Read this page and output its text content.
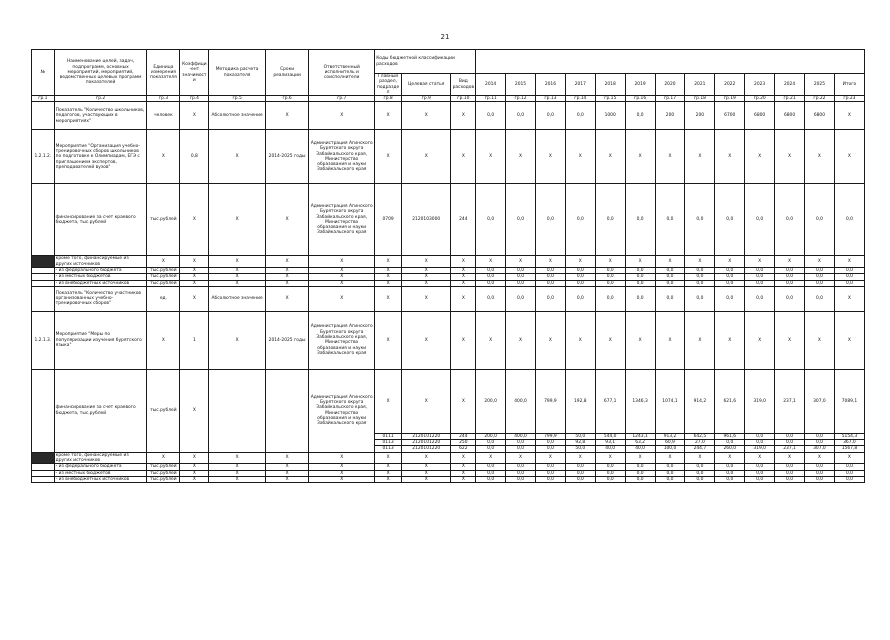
21
№	Наименование целей, задач, подпрограмм, основных мероприятий, мероприятий, ведомственных целевых программ показателей	Единица измерения показателя	Коэффици-ент значимости	Методика расчета показателя	Сроки реализации	Ответственный исполнитель и соисполнители	Коды бюджетной классификации расходов															
							Главный раздел, подраздел	Целевая статья	Вид расходов	2014	2015	2016	2017	2018	2019	2020	2021	2022	2023	2024	2025	Итого
гр.1	гр.2	гр.3	гр.4	гр.5	гр.6	гр.7	гр.8	гр.9	гр.10	гр.11	гр.12	гр.13	гр.14	гр.15	гр.16	гр.17	гр.18	гр.19	гр.20	гр.21	гр.22	гр.23
	Показатель "Количество школьников, педагогов, участвующих в мероприятиях"	человек	X	Абсолютное значение	X	X	X	X	X	0,0	0,0	0,0	0,0	1000	0,0	200	200	6700	6800	6800	6800	X
1.2.1.2.	Мероприятие "Организация учебно-тренировочных сборов школьников по подготовке к Олимпиадам, ЕГЭ с приглашением экспертов, преподавателей вузов"	X	0,8	X	2014-2025 годы	Администрация Агинского Бурятского округа Забайкальского края, Министерство образования и науки Забайкальского края	X	X	X	X	X	X	X	X	X	X	X	X	X	X	X	X
	финансирование за счет краевого бюджета, тыс.рублей	тыс.рублей	X	X	X	Администрация Агинского Бурятского округа Забайкальского края, Министерство образования и науки Забайкальского края	0709	2120103000	244	0,0	0,0	0,0	0,0	0,0	0,0	0,0	0,0	0,0	0,0	0,0	0,0	0,0
	кроме того, финансируемые из других источников	X	X	X	X	X	X	X	X	X	X	X	X	X	X	X	X	X	X	X	X	X
	- из федерального бюджета	тыс.рублей	X	X	X	X	X	X	X	0,0	0,0	0,0	0,0	0,0	0,0	0,0	0,0	0,0	0,0	0,0	0,0	0,0
	- из местных бюджетов	тыс.рублей	X	X	X	X	X	X	X	0,0	0,0	0,0	0,0	0,0	0,0	0,0	0,0	0,0	0,0	0,0	0,0	0,0
	- из внебюджетных источников	тыс.рублей	X	X	X	X	X	X	X	0,0	0,0	0,0	0,0	0,0	0,0	0,0	0,0	0,0	0,0	0,0	0,0	0,0
	Показатель "Количество участников организованных учебно-тренировочных сборов"	ед.	X	Абсолютное значение	X	X	X	X	X	0,0	0,0	0,0	0,0	0,0	0,0	0,0	0,0	0,0	0,0	0,0	0,0	X
1.2.1.3.	Мероприятие "Меры по популяризации изучения бурятского языка"	X	1	X	2014-2025 годы	Администрация Агинского Бурятского округа Забайкальского края, Министерство образования и науки Забайкальского края	X	X	X	X	X	X	X	X	X	X	X	X	X	X	X	X
	финансирование за счет краевого бюджета, тыс.рублей	тыс.рублей	X			Администрация Агинского Бурятского округа Забайкальского края, Министерство образования и науки Забайкальского края	X	X	X	200,0	400,0	799,9	192,8	677,1	1346,3	1074,1	914,2	621,6	319,0	237,1	307,0	7089,1
							0111	2120101220	244	200,0	400,0	799,9	50,0	544,0	1243,1	913,2	642,5	961,6	0,0	0,0	0,0	5154,3
							0113	2120101220	250	0,0	0,0	0,0	92,8	93,1	63,2	60,9	27,0	0,0	0,0	0,0	0,0	367,0
							0113	2120101220	622	0,0	0,0	0,0	50,0	40,0	40,0	100,0	244,7	260,0	319,0	237,1	307,0	1567,8
	кроме того, финансируемые из других источников	X	X	X	X	X	X	X	X	X	X	X	X	X	X	X	X	X	X	X	X	X
	- из федерального бюджета	тыс.рублей	X	X	X	X	X	X	X	0,0	0,0	0,0	0,0	0,0	0,0	0,0	0,0	0,0	0,0	0,0	0,0	0,0
	- из местных бюджетов	тыс.рублей	X	X	X	X	X	X	X	0,0	0,0	0,0	0,0	0,0	0,0	0,0	0,0	0,0	0,0	0,0	0,0	0,0
	- из внебюджетных источников	тыс.рублей	X	X	X	X	X	X	X	0,0	0,0	0,0	0,0	0,0	0,0	0,0	0,0	0,0	0,0	0,0	0,0	0,0
